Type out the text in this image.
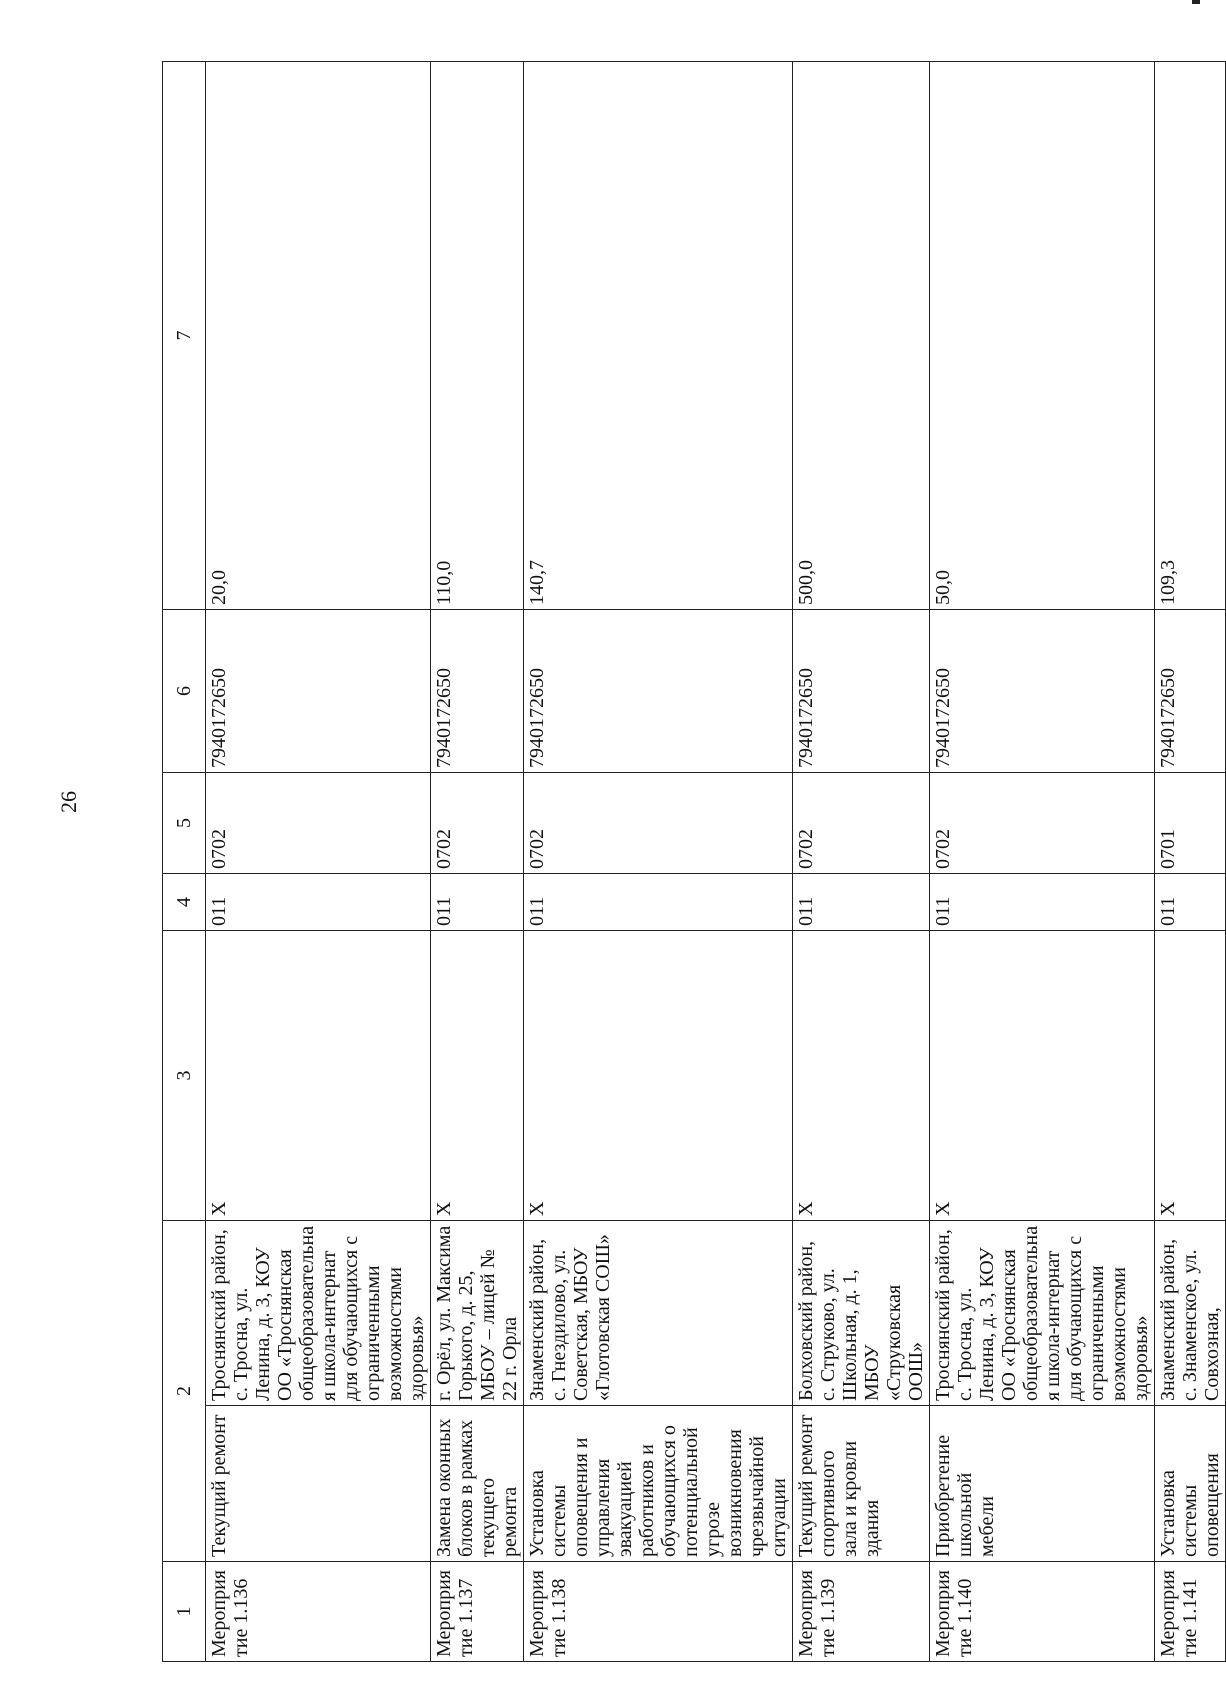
26
1	2		3	4	5	6	7
Мероприятие 1.136	Текущий ремонт	Троснянский район, с. Тросна, ул. Ленина, д. 3, КОУ ОО «Троснянская общеобразовательная школа-интернат для обучающихся с ограниченными возможностями здоровья»	Х	011	0702	7940172650	20,0
Мероприятие 1.137	Замена оконных блоков в рамках текущего ремонта	г. Орёл, ул. Максима Горького, д. 25, МБОУ – лицей № 22 г. Орла	Х	011	0702	7940172650	110,0
Мероприятие 1.138	Установка системы оповещения и управления эвакуацией работников и обучающихся о потенциальной угрозе возникновения чрезвычайной ситуации	Знаменский район, с. Гнездилово, ул. Советская, МБОУ «Глотовская СОШ»	Х	011	0702	7940172650	140,7
Мероприятие 1.139	Текущий ремонт спортивного зала и кровли здания	Болховский район, с. Струково, ул. Школьная, д. 1, МБОУ «Струковская ООШ»	Х	011	0702	7940172650	500,0
Мероприятие 1.140	Приобретение школьной мебели	Троснянский район, с. Тросна, ул. Ленина, д. 3, КОУ ОО «Троснянская общеобразовательная школа-интернат для обучающихся с ограниченными возможностями здоровья»	Х	011	0702	7940172650	50,0
Мероприятие 1.141	Установка системы оповещения	Знаменский район, с. Знаменское, ул. Совхозная,	Х	011	0701	7940172650	109,3
